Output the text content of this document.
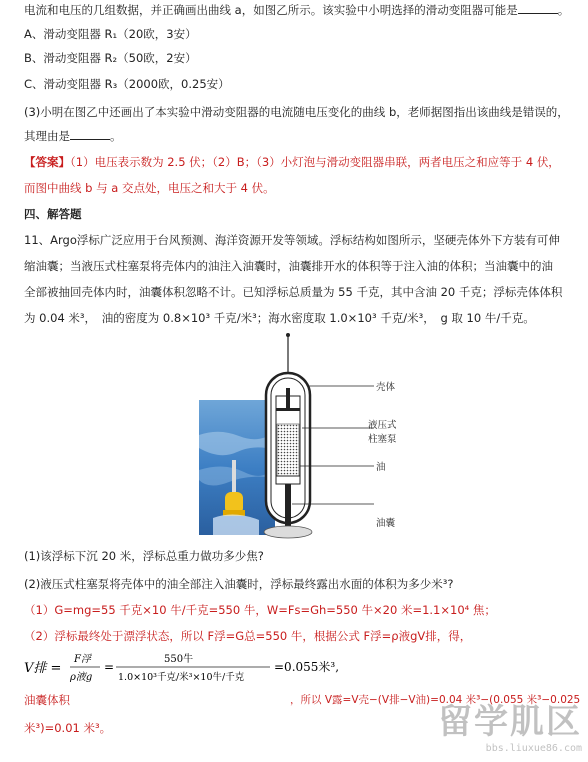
电流和电压的几组数据，并正确画出曲线 a，如图乙所示。该实验中小明选择的滑动变阻器可能是	。
A、滑动变阻器 R₁（20欧，3安）
B、滑动变阻器 R₂（50欧，2安）
C、滑动变阻器 R₃（2000欧，0.25安）
(3)小明在图乙中还画出了本实验中滑动变阻器的电流随电压变化的曲线 b，老师据图指出该曲线是错误的，
其理由是	。
【答案】（1）电压表示数为 2.5 伏；（2）B；（3）小灯泡与滑动变阻器串联，两者电压之和应等于 4 伏，
而图中曲线 b 与 a 交点处，电压之和大于 4 伏。
四、解答题
11、Argo浮标广泛应用于台风预测、海洋资源开发等领域。浮标结构如图所示，坚硬壳体外下方装有可伸
缩油囊；当液压式柱塞泵将壳体内的油注入油囊时，油囊排开水的体积等于注入油的体积；当油囊中的油
全部被抽回壳体内时，油囊体积忽略不计。已知浮标总质量为 55 千克，其中含油 20 千克；浮标壳体体积
为 0.04 米³，　油的密度为 0.8×10³ 千克/米³；海水密度取 1.0×10³ 千克/米³，　g 取 10 牛/千克。
壳体
液压式
柱塞泵
油
油囊
(1)该浮标下沉 20 米，浮标总重力做功多少焦?
(2)液压式柱塞泵将壳体中的油全部注入油囊时，浮标最终露出水面的体积为多少米³?
（1）G=mg=55 千克×10 牛/千克=550 牛，W=Fs=Gh=550 牛×20 米=1.1×10⁴ 焦；
（2）浮标最终处于漂浮状态，所以 F浮=G总=550 牛，根据公式 F浮=ρ液gV排，得，
V排 =
F浮
ρ液g
=
550牛
1.0×10³千克/米³×10牛/千克
=0.055米³,
油囊体积	，所以 V露=V壳−(V排−V油)=0.04 米³−(0.055 米³−0.025
米³)=0.01 米³。	留学肌区
bbs.liuxue86.com
